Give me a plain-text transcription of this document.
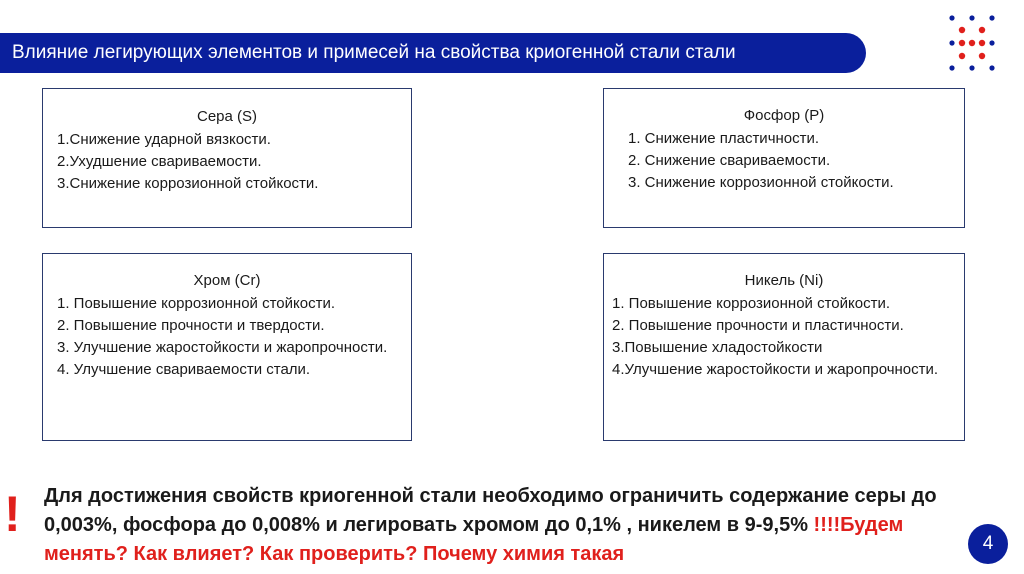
Влияние легирующих элементов и примесей на свойства криогенной стали стали
Сера (S)
1.Снижение ударной вязкости.
2.Ухудшение свариваемости.
3.Снижение коррозионной стойкости.
Фосфор (Р)
1. Снижение пластичности.
2. Снижение свариваемости.
3. Снижение коррозионной стойкости.
Хром (Cr)
1. Повышение коррозионной стойкости.
2. Повышение прочности и твердости.
3. Улучшение жаростойкости и жаропрочности.
4. Улучшение свариваемости стали.
Никель (Ni)
1. Повышение коррозионной стойкости.
2. Повышение прочности и пластичности.
3.Повышение хладостойкости
4.Улучшение жаростойкости и жаропрочности.
! Для достижения свойств криогенной стали необходимо ограничить содержание серы до 0,003%, фосфора до 0,008% и легировать хромом до 0,1% , никелем в 9-9,5% !!!!Будем менять? Как влияет? Как проверить? Почему химия такая	4
